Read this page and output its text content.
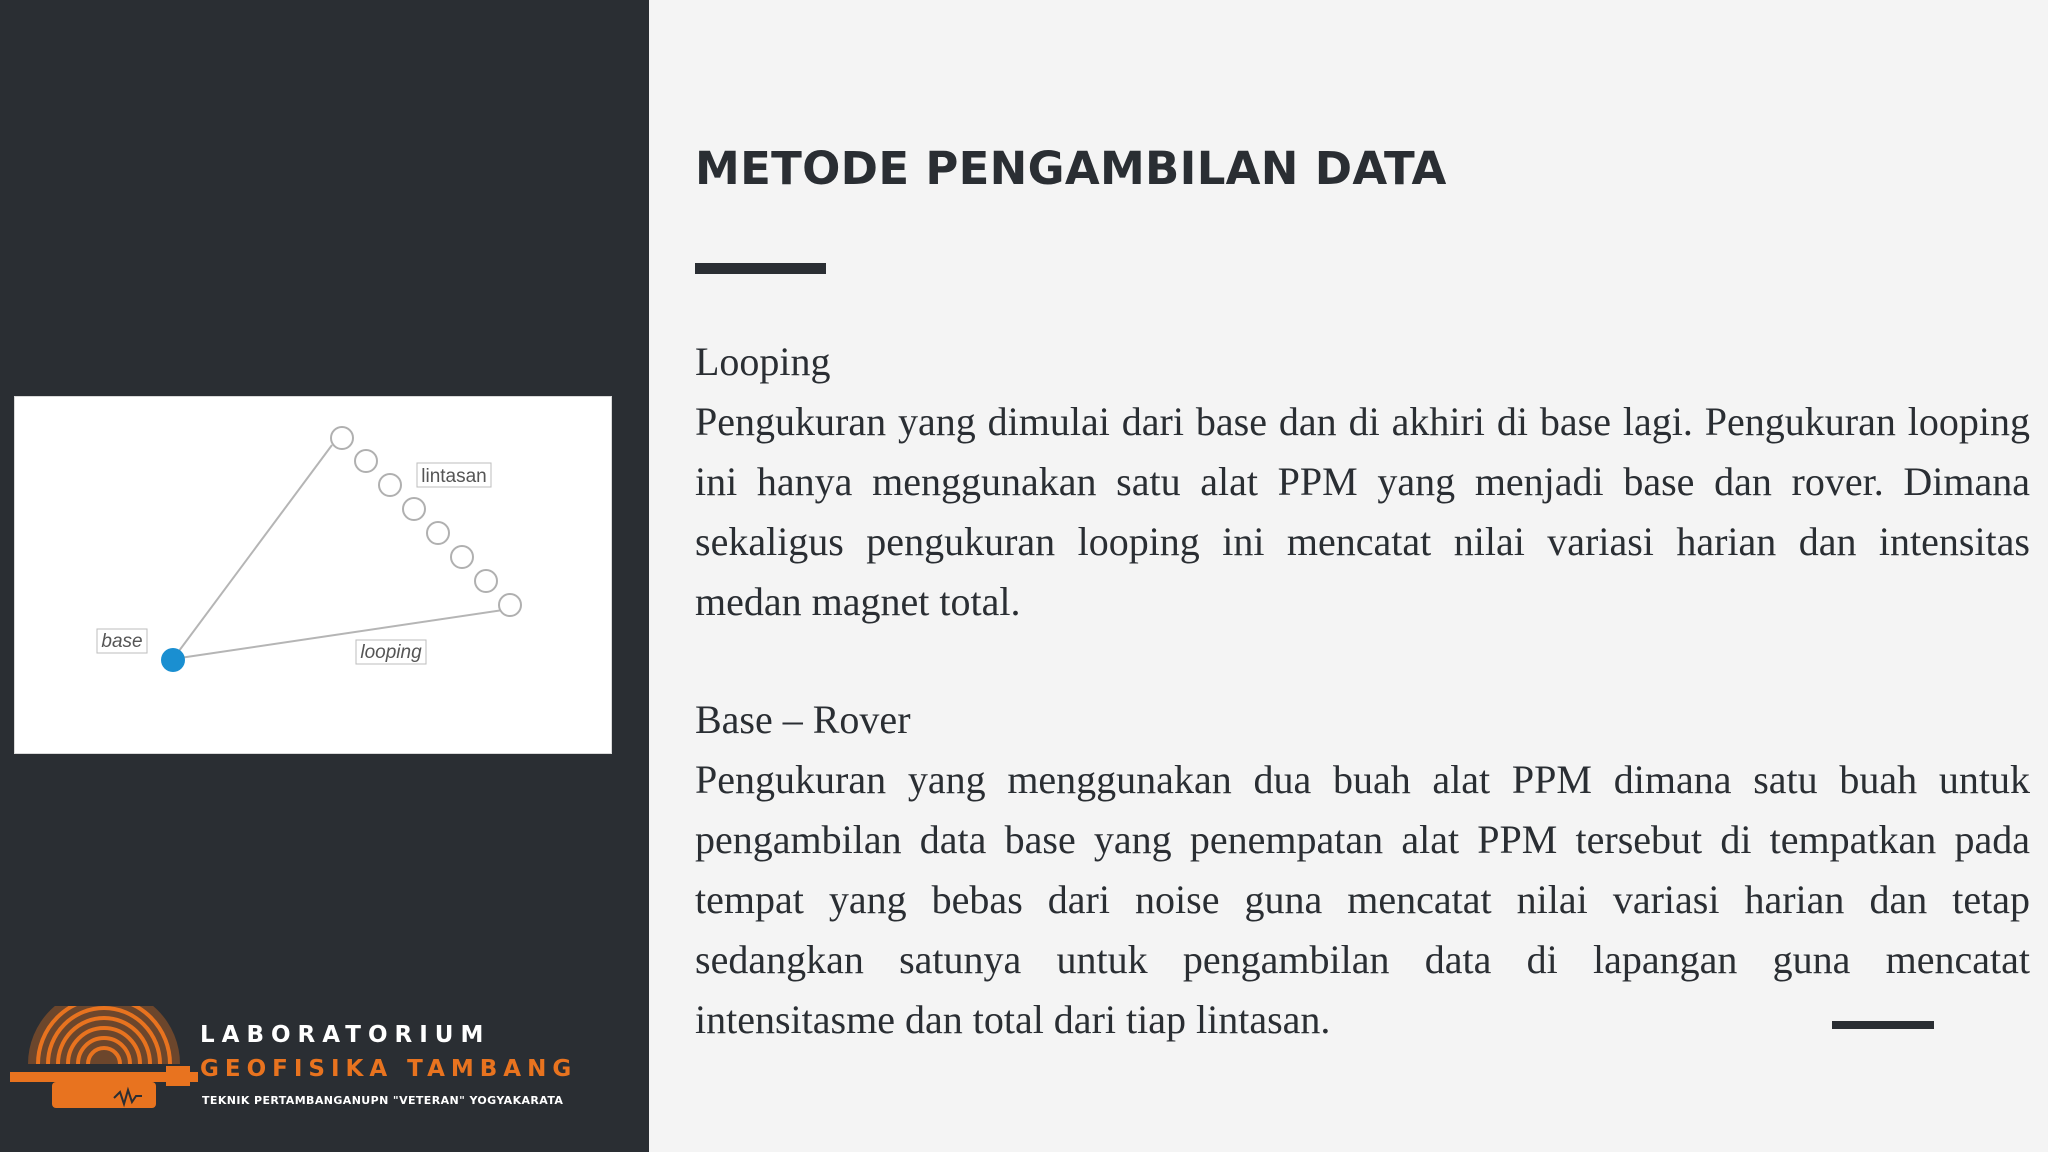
lintasan
base
looping
LABORATORIUM
GEOFISIKA TAMBANG
TEKNIK PERTAMBANGANUPN "VETERAN" YOGYAKARATA
METODE PENGAMBILAN DATA
Looping

Pengukuran yang dimulai dari base dan di akhiri di base lagi. Pengukuran looping ini hanya menggunakan satu alat PPM yang menjadi base dan rover. Dimana sekaligus pengukuran looping ini mencatat nilai variasi harian dan intensitas medan magnet total.

Base – Rover

Pengukuran yang menggunakan dua buah alat PPM dimana satu buah untuk pengambilan data base yang penempatan alat PPM tersebut di tempatkan pada tempat yang bebas dari noise guna mencatat nilai variasi harian dan tetap sedangkan satunya untuk pengambilan data di lapangan guna mencatat intensitasme dan total dari tiap lintasan.
